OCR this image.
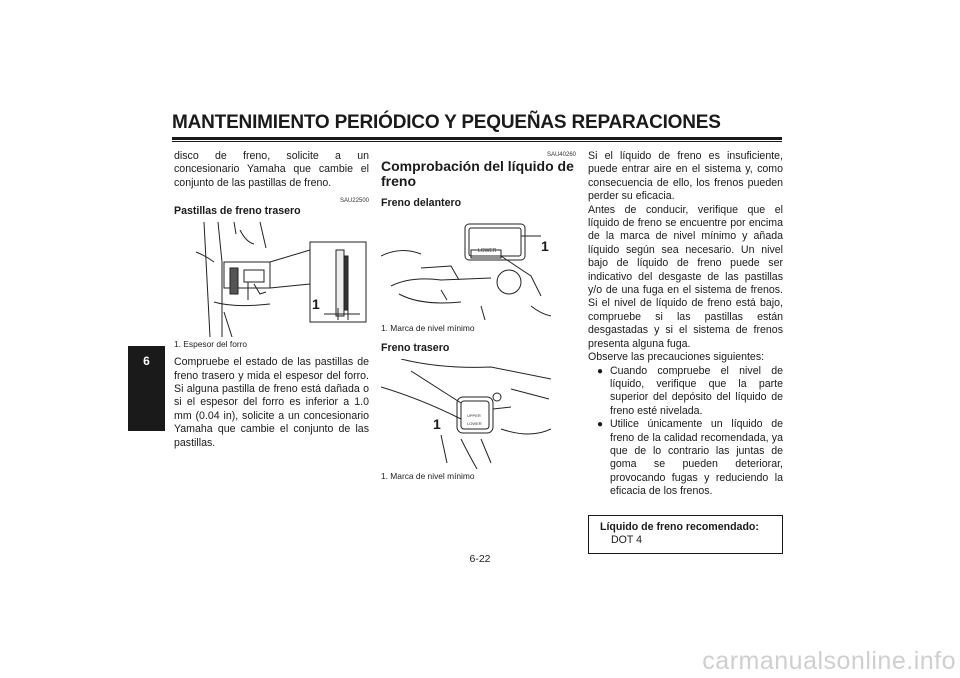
MANTENIMIENTO PERIÓDICO Y PEQUEÑAS REPARACIONES
6

disco de freno, solicite a un concesionario Yamaha que cambie el conjunto de las pastillas de freno.

SAU22500
Pastillas de freno trasero
1
1. Espesor del forro

Compruebe el estado de las pastillas de freno trasero y mida el espesor del forro. Si alguna pastilla de freno está dañada o si el espesor del forro es inferior a 1.0 mm (0.04 in), solicite a un concesionario Yamaha que cambie el conjunto de las pastillas.

SAU40260
Comprobación del líquido de freno
Freno delantero
LOWER	1
1. Marca de nivel mínimo
Freno trasero
UPPER
LOWER
1
1. Marca de nivel mínimo

Si el líquido de freno es insuficiente, puede entrar aire en el sistema y, como consecuencia de ello, los frenos pueden perder su eficacia.

Antes de conducir, verifique que el líquido de freno se encuentre por encima de la marca de nivel mínimo y añada líquido según sea necesario. Un nivel bajo de líquido de freno puede ser indicativo del desgaste de las pastillas y/o de una fuga en el sistema de frenos. Si el nivel de líquido de freno está bajo, compruebe si las pastillas están desgastadas y si el sistema de frenos presenta alguna fuga.

Observe las precauciones siguientes:

● Cuando compruebe el nivel de líquido, verifique que la parte superior del depósito del líquido de freno esté nivelada.
● Utilice únicamente un líquido de freno de la calidad recomendada, ya que de lo contrario las juntas de goma se pueden deteriorar, provocando fugas y reduciendo la eficacia de los frenos.
Líquido de freno recomendado:
DOT 4
6-22
carmanualsonline.info
